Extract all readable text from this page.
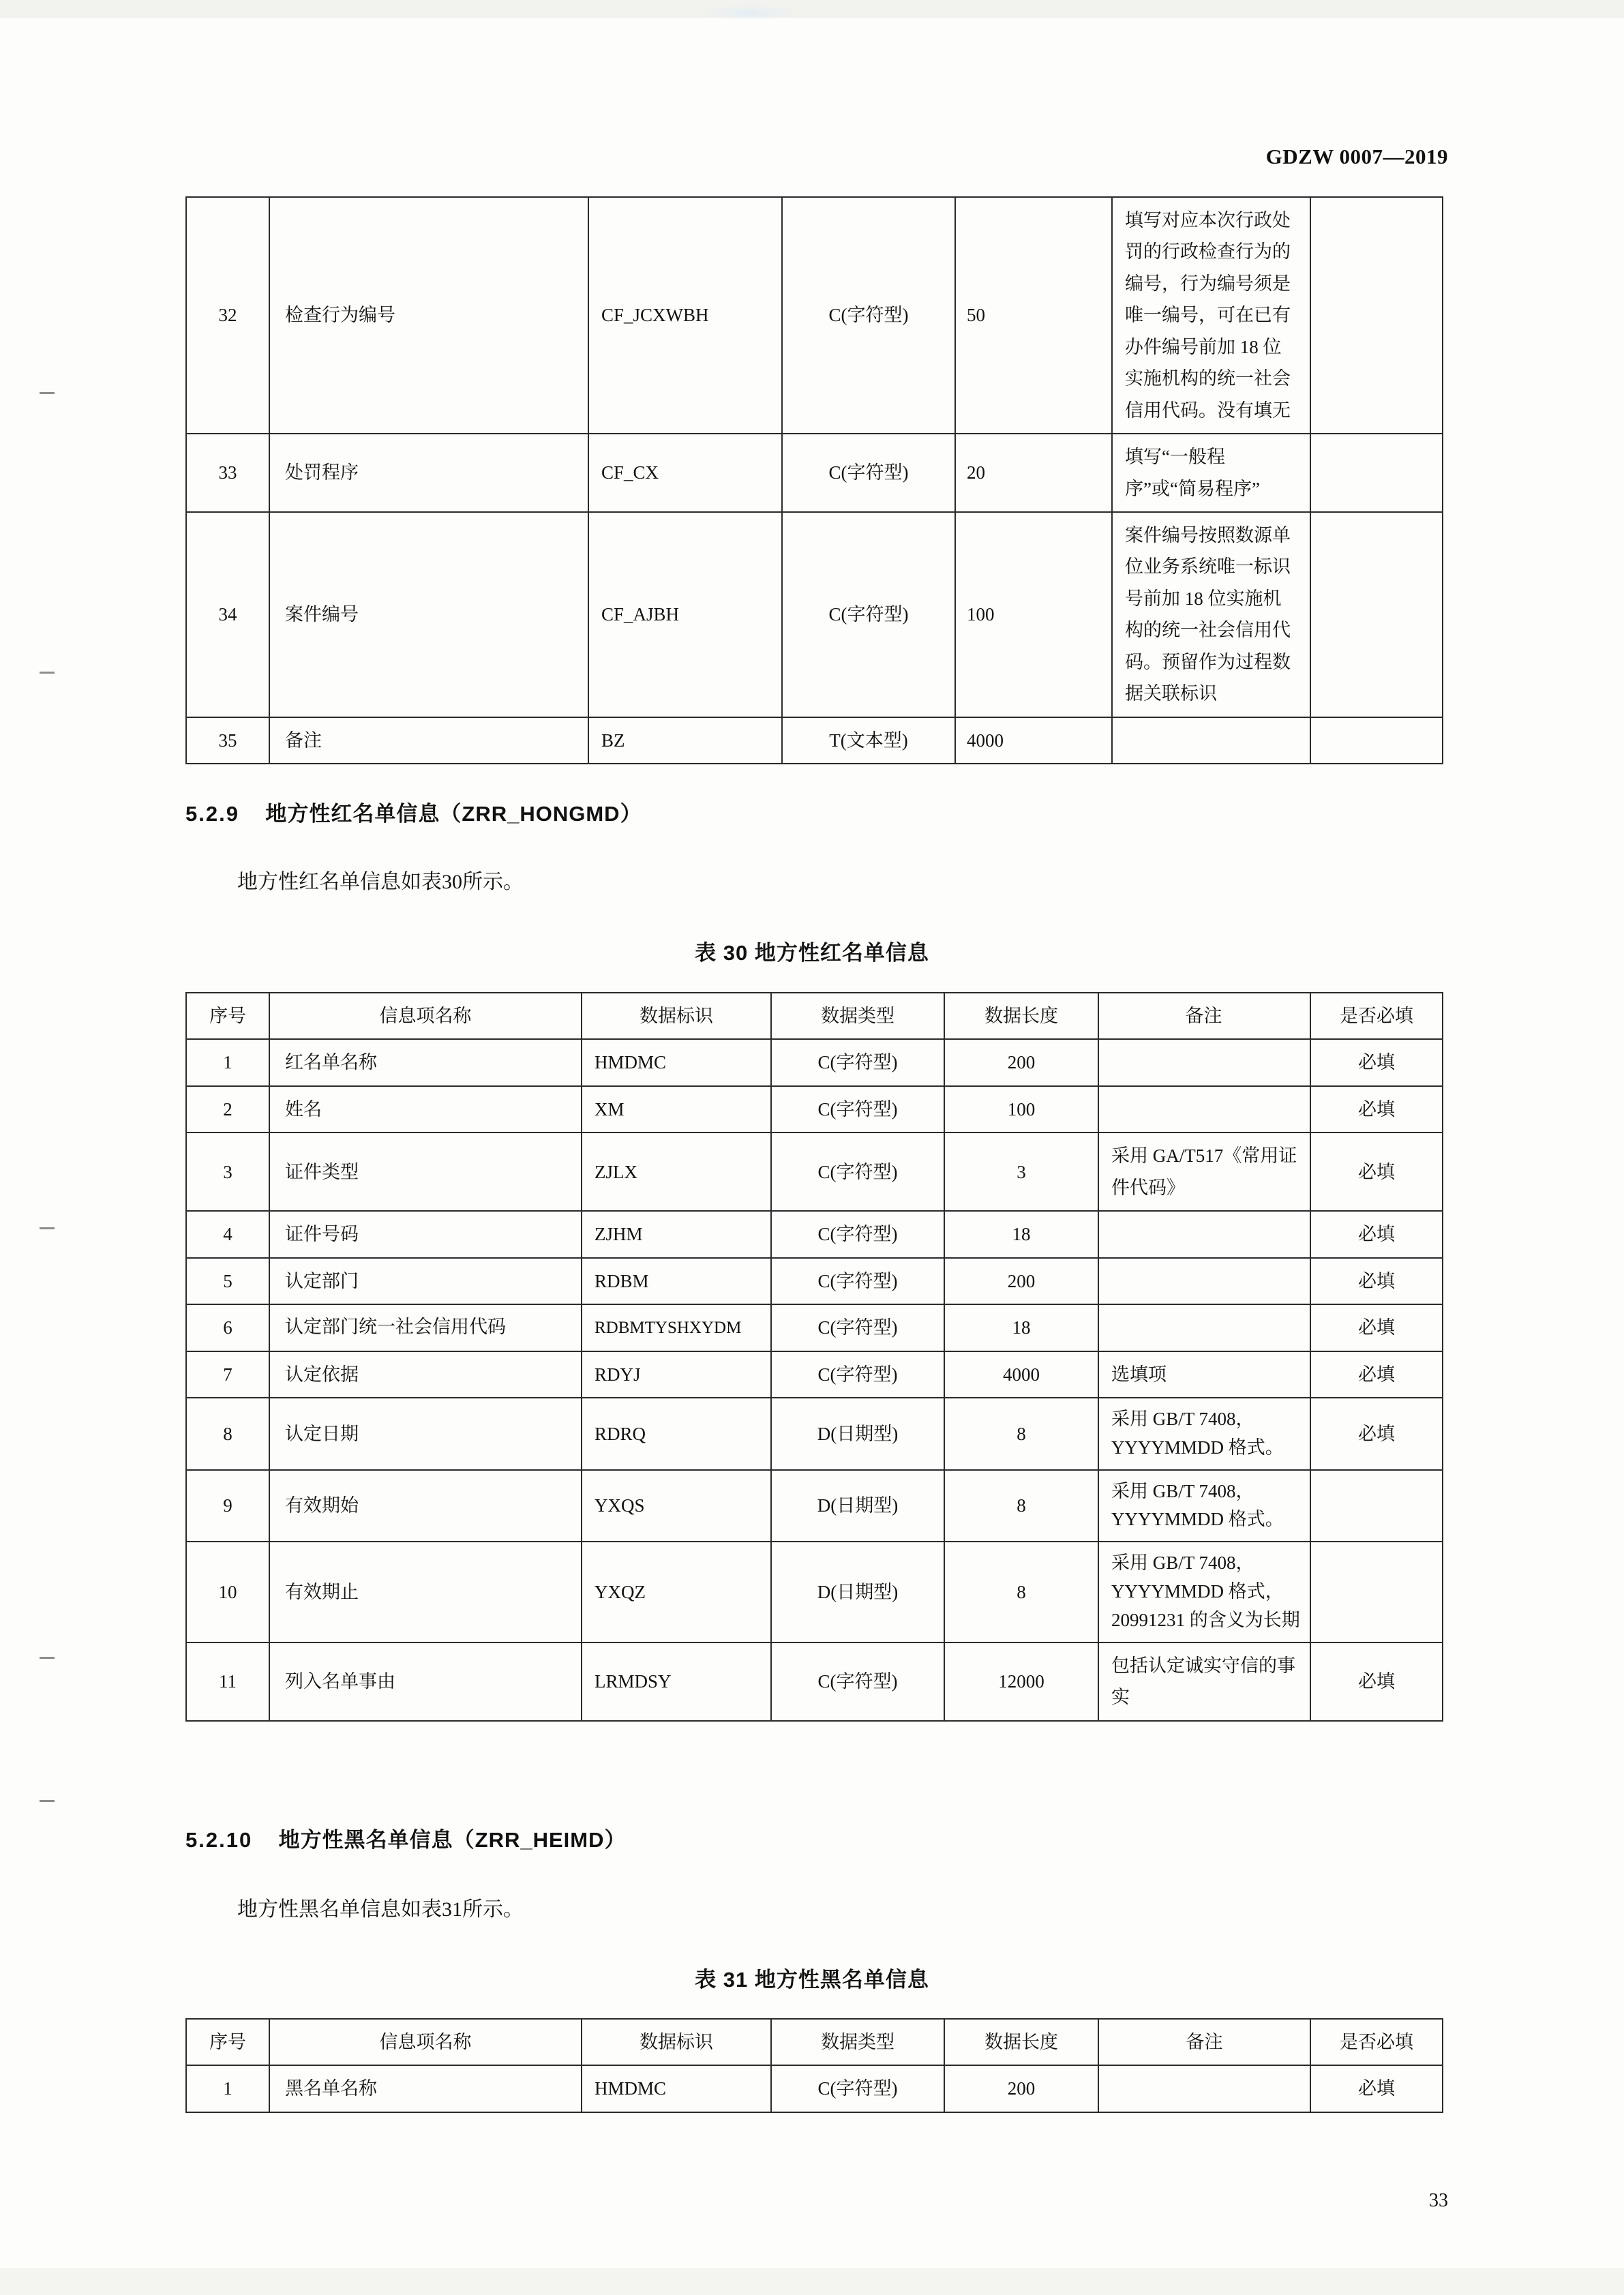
GDZW 0007—2019
32	检查行为编号	CF_JCXWBH	C(字符型)	50	填写对应本次行政处罚的行政检查行为的编号，行为编号须是唯一编号，可在已有办件编号前加 18 位实施机构的统一社会信用代码。没有填无	
33	处罚程序	CF_CX	C(字符型)	20	填写“一般程序”或“简易程序”	
34	案件编号	CF_AJBH	C(字符型)	100	案件编号按照数源单位业务系统唯一标识号前加 18 位实施机构的统一社会信用代码。预留作为过程数据关联标识	
35	备注	BZ	T(文本型)	4000		
5.2.9 地方性红名单信息（ZRR_HONGMD）
地方性红名单信息如表30所示。
表 30 地方性红名单信息
序号	信息项名称	数据标识	数据类型	数据长度	备注	是否必填
1	红名单名称	HMDMC	C(字符型)	200		必填
2	姓名	XM	C(字符型)	100		必填
3	证件类型	ZJLX	C(字符型)	3	采用 GA/T517《常用证件代码》	必填
4	证件号码	ZJHM	C(字符型)	18		必填
5	认定部门	RDBM	C(字符型)	200		必填
6	认定部门统一社会信用代码	RDBMTYSHXYDM	C(字符型)	18		必填
7	认定依据	RDYJ	C(字符型)	4000	选填项	必填
8	认定日期	RDRQ	D(日期型)	8	采用 GB/T 7408，YYYYMMDD 格式。	必填
9	有效期始	YXQS	D(日期型)	8	采用 GB/T 7408，YYYYMMDD 格式。	
10	有效期止	YXQZ	D(日期型)	8	采用 GB/T 7408，YYYYMMDD 格式，20991231 的含义为长期	
11	列入名单事由	LRMDSY	C(字符型)	12000	包括认定诚实守信的事实	必填
5.2.10 地方性黑名单信息（ZRR_HEIMD）
地方性黑名单信息如表31所示。
表 31 地方性黑名单信息
序号	信息项名称	数据标识	数据类型	数据长度	备注	是否必填
1	黑名单名称	HMDMC	C(字符型)	200		必填
33
